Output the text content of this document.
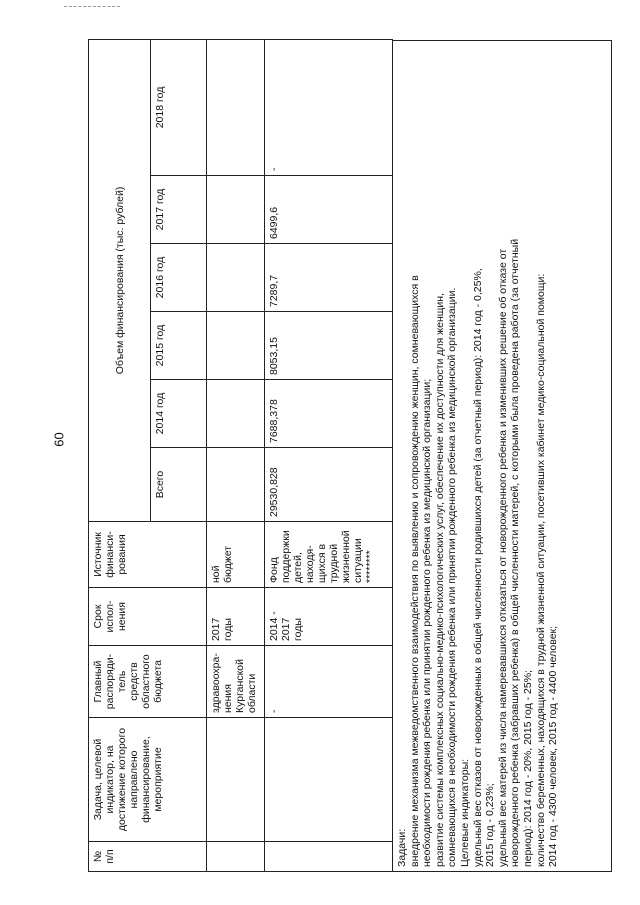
60
№ п/п	Задача, целевой индикатор, на достижение которого направлено финансирование, мероприятие	Главный распоряди-тель средств областного бюджета	Срок испол-нения	Источник финанси-рования	Объем финансирования (тыс. рублей)					
					Всего	2014 год	2015 год	2016 год	2017 год	2018 год
		здравоохра-нения Курганской области	2017 годы	ной бюджет						
		-	2014 - 2017 годы	Фонд поддержки детей, находя-щихся в трудной жизненной ситуации ********	29530,828	7688,378	8053,15	7289,7	6499,6	-
Задачи: внедрение механизма межведомственного взаимодействия по выявлению и сопровождению женщин, сомневающихся в необходимости рождения ребенка или принятии рожденного ребенка из медицинской организации; развитие системы комплексных социально-медико-психологических услуг, обеспечение их доступности для женщин, сомневающихся в необходимости рождения ребенка или принятии рожденного ребенка из медицинской организации. Целевые индикаторы: удельный вес отказов от новорожденных в общей численности родившихся детей (за отчетный период): 2014 год - 0,25%, 2015 год - 0,23%; удельный вес матерей из числа намеревавшихся отказаться от новорожденного ребенка и изменивших решение об отказе от новорожденного ребенка (забравших ребенка) в общей численности матерей, с которыми была проведена работа (за отчетный период): 2014 год - 20%, 2015 год - 25%; количество беременных, находящихся в трудной жизненной ситуации, посетивших кабинет медико-социальной помощи: 2014 год - 4300 человек, 2015 год - 4400 человек;
